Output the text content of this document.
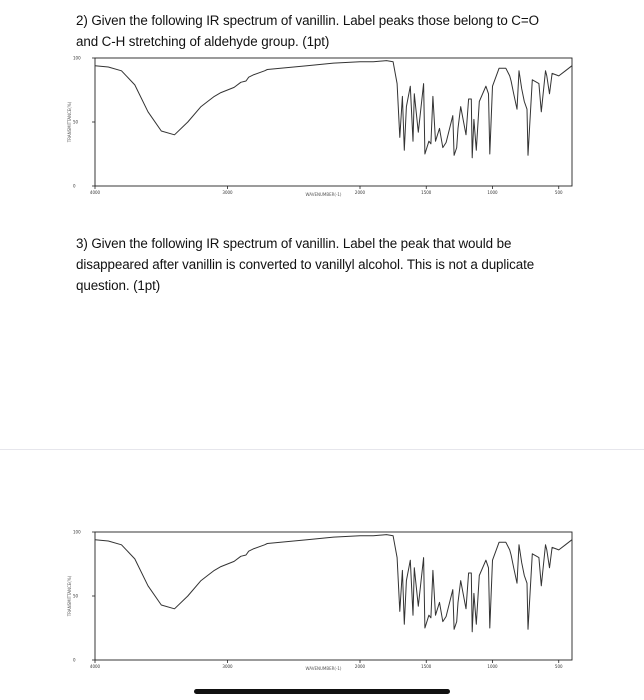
2) Given the following IR spectrum of vanillin. Label peaks those belong to C=O
and C-H stretching of aldehyde group. (1pt)
0
50
100
4000	3000	2000	1500	1000	500
WAVENUMBER(-1)
TRANSMITTANCE(%)
3) Given the following IR spectrum of vanillin. Label the peak that would be
disappeared after vanillin is converted to vanillyl alcohol. This is not a duplicate
question. (1pt)
0
50
100
4000	3000	2000	1500	1000	500
WAVENUMBER(-1)
TRANSMITTANCE(%)
